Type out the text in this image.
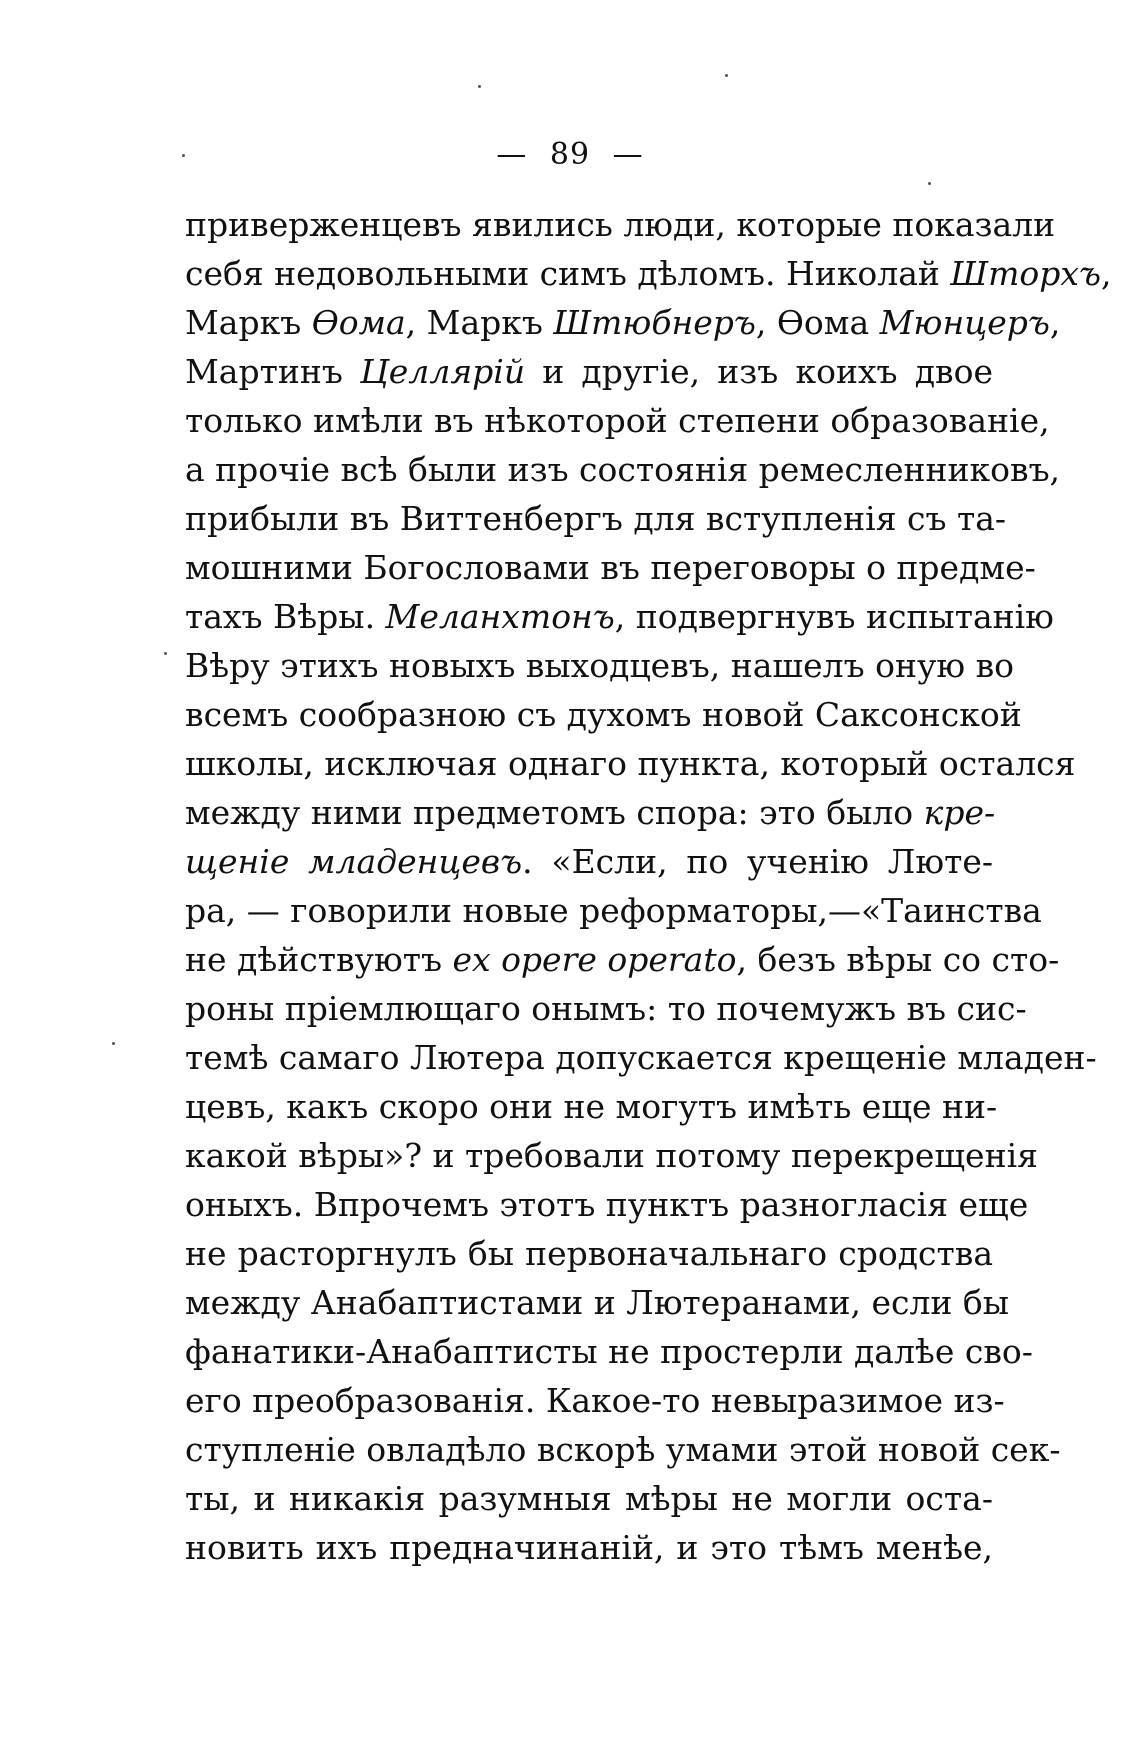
— 89 —
приверженцевъ явились люди, которые показали
себя недовольными симъ дѣломъ. Николай Шторхъ,
Маркъ Ѳома, Маркъ Штюбнеръ, Ѳома Мюнцеръ,
Мартинъ Целлярій и другіе, изъ коихъ двое
только имѣли въ нѣкоторой степени образованіе,
а прочіе всѣ были изъ состоянія ремесленниковъ,
прибыли въ Виттенбергъ для вступленія съ та-
мошними Богословами въ переговоры о предме-
тахъ Вѣры. Меланхтонъ, подвергнувъ испытанію
Вѣру этихъ новыхъ выходцевъ, нашелъ оную во
всемъ сообразною съ духомъ новой Саксонской
школы, исключая однаго пункта, который остался
между ними предметомъ спора: это было кре-
щеніе младенцевъ. «Если, по ученію Люте-
ра, — говорили новые реформаторы,—«Таинства
не дѣйствуютъ ex opere operato, безъ вѣры со сто-
роны пріемлющаго онымъ: то почемужъ въ сис-
темѣ самаго Лютера допускается крещеніе младен-
цевъ, какъ скоро они не могутъ имѣть еще ни-
какой вѣры»? и требовали потому перекрещенія
оныхъ. Впрочемъ этотъ пунктъ разногласія еще
не расторгнулъ бы первоначальнаго сродства
между Анабаптистами и Лютеранами, если бы
фанатики-Анабаптисты не простерли далѣе сво-
его преобразованія. Какое-то невыразимое из-
ступленіе овладѣло вскорѣ умами этой новой сек-
ты, и никакія разумныя мѣры не могли оста-
новить ихъ предначинаній, и это тѣмъ менѣе,
